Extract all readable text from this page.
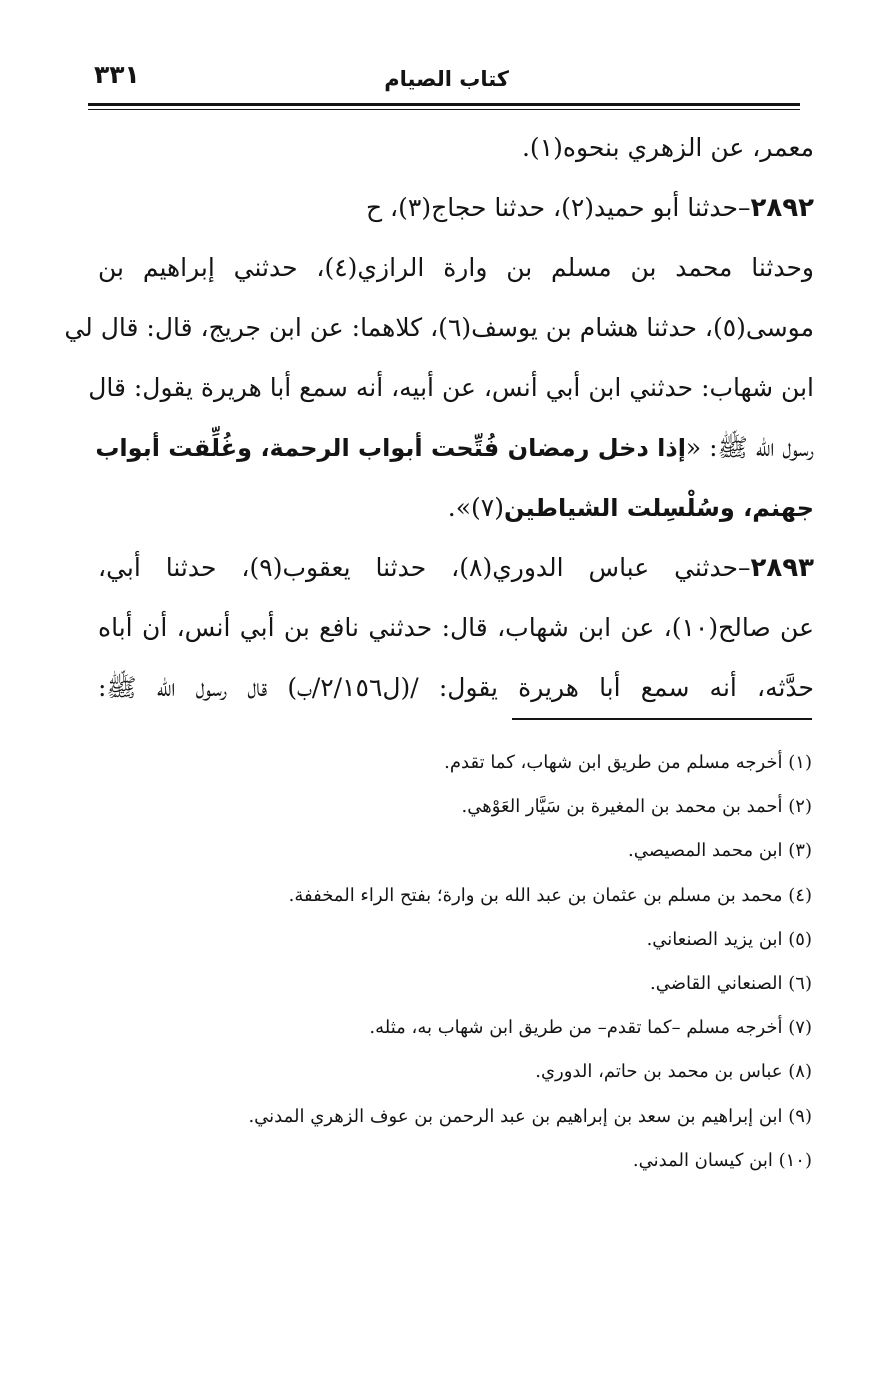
٣٣١	كتاب الصيام
معمر، عن الزهري بنحوه(١).
٢٨٩٢–حدثنا أبو حميد(٢)، حدثنا حجاج(٣)، ح
وحدثنا محمد بن مسلم بن وارة الرازي(٤)، حدثني إبراهيم بن
موسى(٥)، حدثنا هشام بن يوسف(٦)، كلاهما: عن ابن جريج، قال: قال لي
ابن شهاب: حدثني ابن أبي أنس، عن أبيه، أنه سمع أبا هريرة يقول: قال
رسول الله ﷺ: «إذا دخل رمضان فُتِّحت أبواب الرحمة، وغُلِّقت أبواب
جهنم، وسُلْسِلت الشياطين(٧)».
٢٨٩٣–حدثني عباس الدوري(٨)، حدثنا يعقوب(٩)، حدثنا أبي،
عن صالح(١٠)، عن ابن شهاب، قال: حدثني نافع بن أبي أنس، أن أباه
حدَّثه، أنه سمع أبا هريرة يقول: /(ل٢/١٥٦/ب) قال رسول الله ﷺ:
(١) أخرجه مسلم من طريق ابن شهاب، كما تقدم.
(٢) أحمد بن محمد بن المغيرة بن سَيَّار العَوْهي.
(٣) ابن محمد المصيصي.
(٤) محمد بن مسلم بن عثمان بن عبد الله بن وارة؛ بفتح الراء المخففة.
(٥) ابن يزيد الصنعاني.
(٦) الصنعاني القاضي.
(٧) أخرجه مسلم –كما تقدم– من طريق ابن شهاب به، مثله.
(٨) عباس بن محمد بن حاتم، الدوري.
(٩) ابن إبراهيم بن سعد بن إبراهيم بن عبد الرحمن بن عوف الزهري المدني.
(١٠) ابن كيسان المدني.
